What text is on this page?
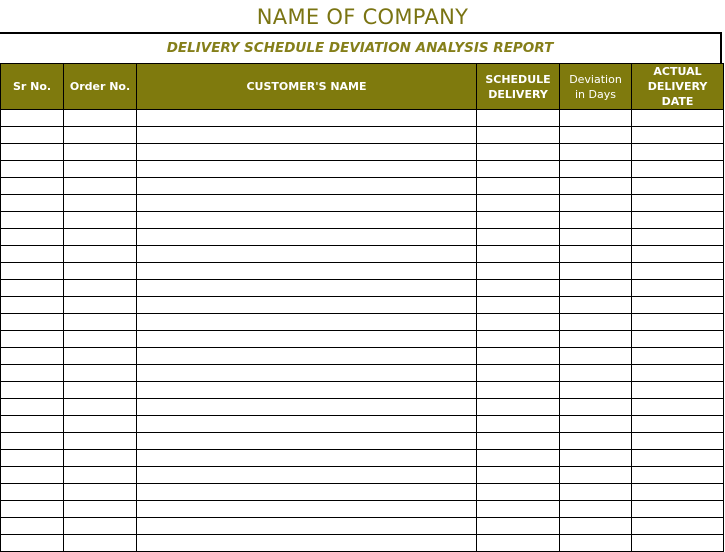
NAME OF COMPANY
DELIVERY SCHEDULE DEVIATION ANALYSIS REPORT
Sr No.	Order No.	CUSTOMER'S NAME	SCHEDULE DELIVERY	Deviation in Days	ACTUAL DELIVERY DATE
